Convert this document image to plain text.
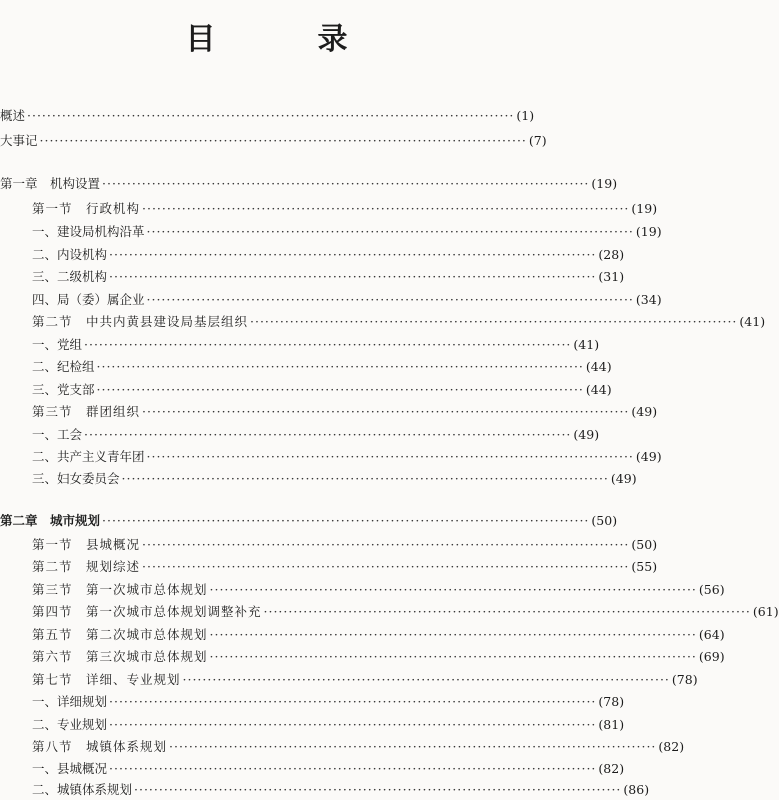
目　录
概述 ·································································································· (1)
大事记 ·································································································· (7)
第一章　机构设置 ·································································································· (19)
第一节　行政机构 ·································································································· (19)
一、建设局机构沿革 ·································································································· (19)
二、内设机构 ·································································································· (28)
三、二级机构 ·································································································· (31)
四、局（委）属企业 ·································································································· (34)
第二节　中共内黄县建设局基层组织 ·································································································· (41)
一、党组 ·································································································· (41)
二、纪检组 ·································································································· (44)
三、党支部 ·································································································· (44)
第三节　群团组织 ·································································································· (49)
一、工会 ·································································································· (49)
二、共产主义青年团 ·································································································· (49)
三、妇女委员会 ·································································································· (49)
第二章　城市规划 ·································································································· (50)
第一节　县城概况 ·································································································· (50)
第二节　规划综述 ·································································································· (55)
第三节　第一次城市总体规划 ·································································································· (56)
第四节　第一次城市总体规划调整补充 ·································································································· (61)
第五节　第二次城市总体规划 ·································································································· (64)
第六节　第三次城市总体规划 ·································································································· (69)
第七节　详细、专业规划 ·································································································· (78)
一、详细规划 ·································································································· (78)
二、专业规划 ·································································································· (81)
第八节　城镇体系规划 ·································································································· (82)
一、县城概况 ·································································································· (82)
二、城镇体系规划 ·································································································· (86)
